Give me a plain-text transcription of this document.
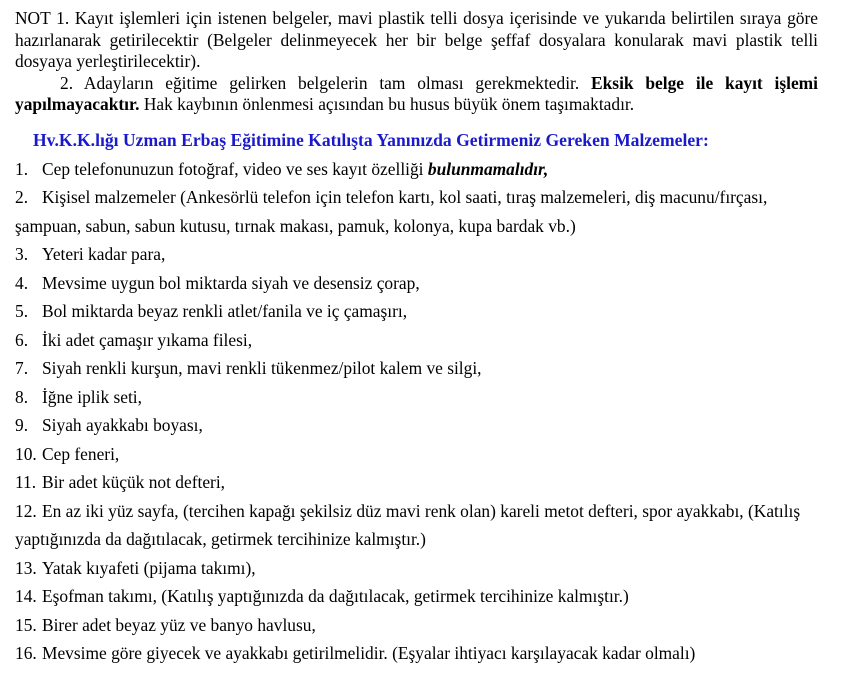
NOT 1. Kayıt işlemleri için istenen belgeler, mavi plastik telli dosya içerisinde ve yukarıda belirtilen sıraya göre hazırlanarak getirilecektir (Belgeler delinmeyecek her bir belge şeffaf dosyalara konularak mavi plastik telli dosyaya yerleştirilecektir).

2. Adayların eğitime gelirken belgelerin tam olması gerekmektedir. Eksik belge ile kayıt işlemi yapılmayacaktır. Hak kaybının önlenmesi açısından bu husus büyük önem taşımaktadır.

Hv.K.K.lığı Uzman Erbaş Eğitimine Katılışta Yanınızda Getirmeniz Gereken Malzemeler:
1. Cep telefonunuzun fotoğraf, video ve ses kayıt özelliği bulunmamalıdır,
2. Kişisel malzemeler (Ankesörlü telefon için telefon kartı, kol saati, tıraş malzemeleri, diş macunu/fırçası, şampuan, sabun, sabun kutusu, tırnak makası, pamuk, kolonya, kupa bardak vb.)
3. Yeteri kadar para,
4. Mevsime uygun bol miktarda siyah ve desensiz çorap,
5. Bol miktarda beyaz renkli atlet/fanila ve iç çamaşırı,
6. İki adet çamaşır yıkama filesi,
7. Siyah renkli kurşun, mavi renkli tükenmez/pilot kalem ve silgi,
8. İğne iplik seti,
9. Siyah ayakkabı boyası,
10. Cep feneri,
11. Bir adet küçük not defteri,
12. En az iki yüz sayfa, (tercihen kapağı şekilsiz düz mavi renk olan) kareli metot defteri, spor ayakkabı, (Katılış yaptığınızda da dağıtılacak, getirmek tercihinize kalmıştır.)
13. Yatak kıyafeti (pijama takımı),
14. Eşofman takımı, (Katılış yaptığınızda da dağıtılacak, getirmek tercihinize kalmıştır.)
15. Birer adet beyaz yüz ve banyo havlusu,
16. Mevsime göre giyecek ve ayakkabı getirilmelidir. (Eşyalar ihtiyacı karşılayacak kadar olmalı)
